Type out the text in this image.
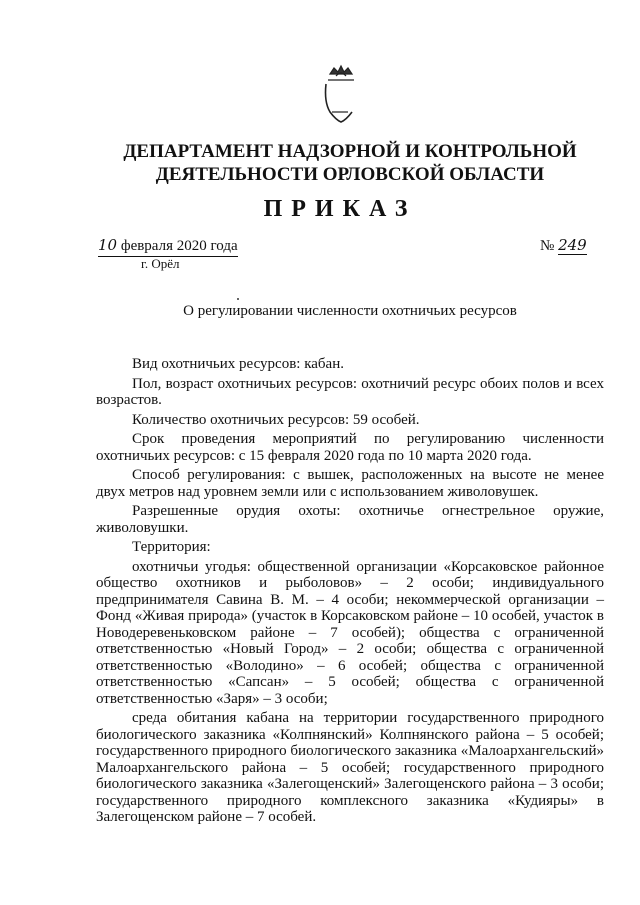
ДЕПАРТАМЕНТ НАДЗОРНОЙ И КОНТРОЛЬНОЙ ДЕЯТЕЛЬНОСТИ ОРЛОВСКОЙ ОБЛАСТИ
ПРИКАЗ
10 февраля 2020 года	№ 249
г. Орёл
О регулировании численности охотничьих ресурсов

Вид охотничьих ресурсов: кабан.

Пол, возраст охотничьих ресурсов: охотничий ресурс обоих полов и всех возрастов.

Количество охотничьих ресурсов: 59 особей.

Срок проведения мероприятий по регулированию численности охотничьих ресурсов: с 15 февраля 2020 года по 10 марта 2020 года.

Способ регулирования: с вышек, расположенных на высоте не менее двух метров над уровнем земли или с использованием живоловушек.

Разрешенные орудия охоты: охотничье огнестрельное оружие, живоловушки.

Территория:

охотничьи угодья: общественной организации «Корсаковское районное общество охотников и рыболовов» – 2 особи; индивидуального предпринимателя Савина В. М. – 4 особи; некоммерческой организации – Фонд «Живая природа» (участок в Корсаковском районе – 10 особей, участок в Новодеревеньковском районе – 7 особей); общества с ограниченной ответственностью «Новый Город» – 2 особи; общества с ограниченной ответственностью «Володино» – 6 особей; общества с ограниченной ответственностью «Сапсан» – 5 особей; общества с ограниченной ответственностью «Заря» – 3 особи;

среда обитания кабана на территории государственного природного биологического заказника «Колпнянский» Колпнянского района – 5 особей; государственного природного биологического заказника «Малоархангельский» Малоархангельского района – 5 особей; государственного природного биологического заказника «Залегощенский» Залегощенского района – 3 особи; государственного природного комплексного заказника «Кудияры» в Залегощенском районе – 7 особей.
